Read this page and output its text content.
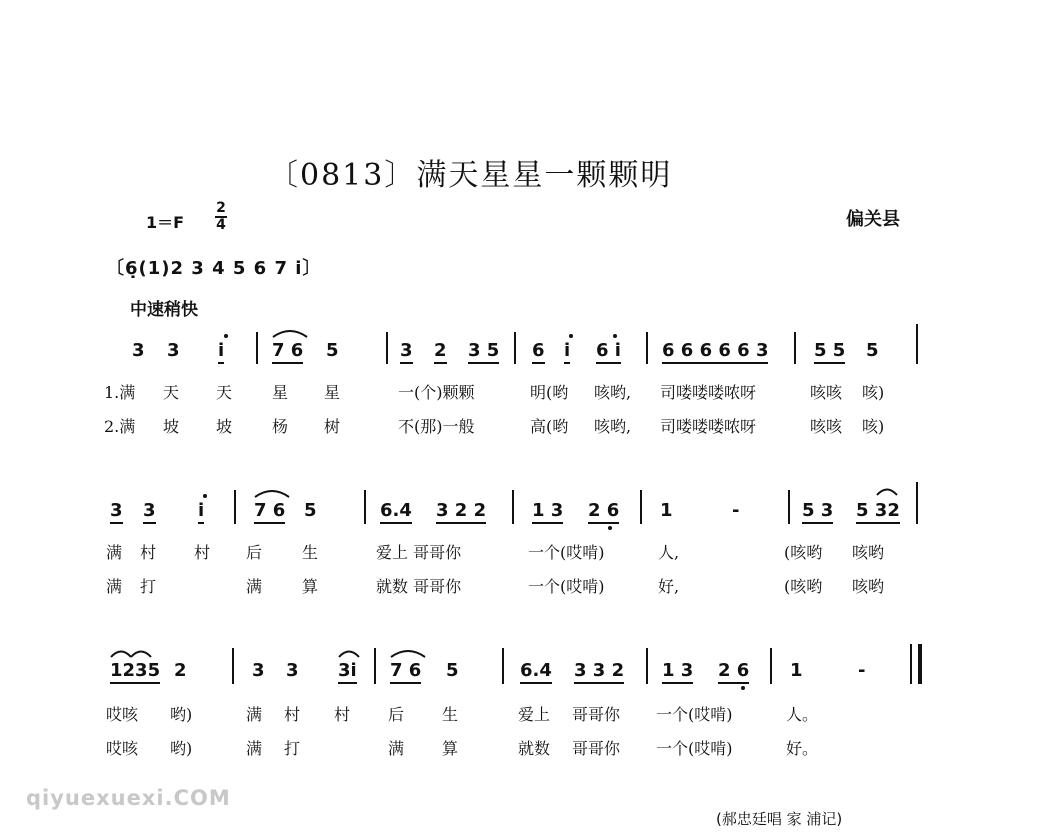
〔0813〕满天星星一颗颗明
1＝F
2
4	偏关县
〔6̣(1)2 3 4 5 6 7 i〕
中速稍快
3 3 i	7 6 5	3 2 3 5 6 i 6 i 6 6 6 6 6 3	5 5 5
1.满 天 天 星 星	一(个)颗颗	明(哟 咳哟, 司喽喽喽哝呀	咳咳 咳)
2.满 坡 坡 杨 树	不(那)一般	高(哟 咳哟, 司喽喽喽哝呀	咳咳 咳)
3 3 i	7 6 5	6.4 3 2 2	1 3 2 6 1	-	5 3 5 32
满 村 村 后 生	爱上 哥哥你	一个(哎啃)	人,	(咳哟 咳哟
满 打	满 算	就数 哥哥你	一个(哎啃)	好,	(咳哟 咳哟
1235 2	3 3 3i 7 6 5	6.4 3 3 2 1 3 2 6 1	-
哎咳 哟)	满 村 村 后 生	爱上 哥哥你 一个(哎啃)	人。
哎咳 哟)	满 打	满 算	就数 哥哥你 一个(哎啃)	好。
qiyuexuexi.COM
(郝忠廷唱 家 浦记)
